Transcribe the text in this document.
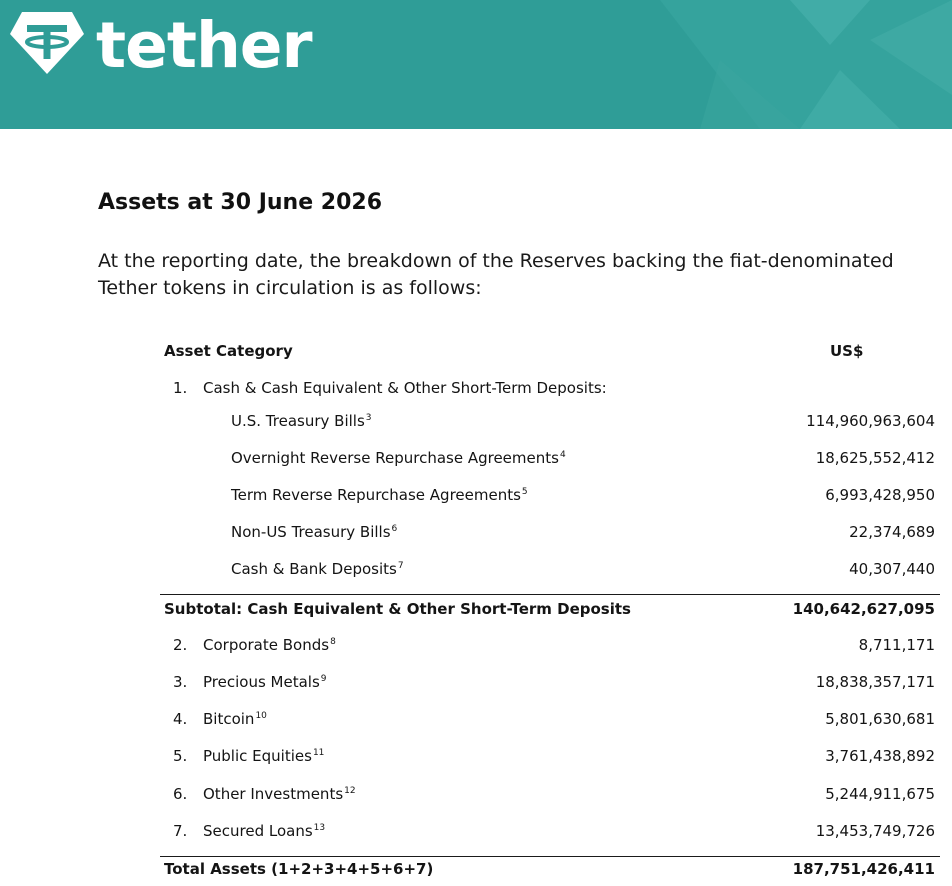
tether
Assets at 30 June 2026

At the reporting date, the breakdown of the Reserves backing the fiat-denominated Tether tokens in circulation is as follows:

Asset Category	US$
1. Cash & Cash Equivalent & Other Short-Term Deposits:
U.S. Treasury Bills$^3$	114,960,963,604
Overnight Reverse Repurchase Agreements$^4$	18,625,552,412
Term Reverse Repurchase Agreements$^5$	6,993,428,950
Non-US Treasury Bills$^6$	22,374,689
Cash & Bank Deposits$^7$	40,307,440
Subtotal: Cash Equivalent & Other Short-Term Deposits	140,642,627,095
2. Corporate Bonds$^8$	8,711,171
3. Precious Metals$^9$	18,838,357,171
4. Bitcoin$^{10}$	5,801,630,681
5. Public Equities$^{11}$	3,761,438,892
6. Other Investments$^{12}$	5,244,911,675
7. Secured Loans$^{13}$	13,453,749,726
Total Assets (1+2+3+4+5+6+7)	187,751,426,411
